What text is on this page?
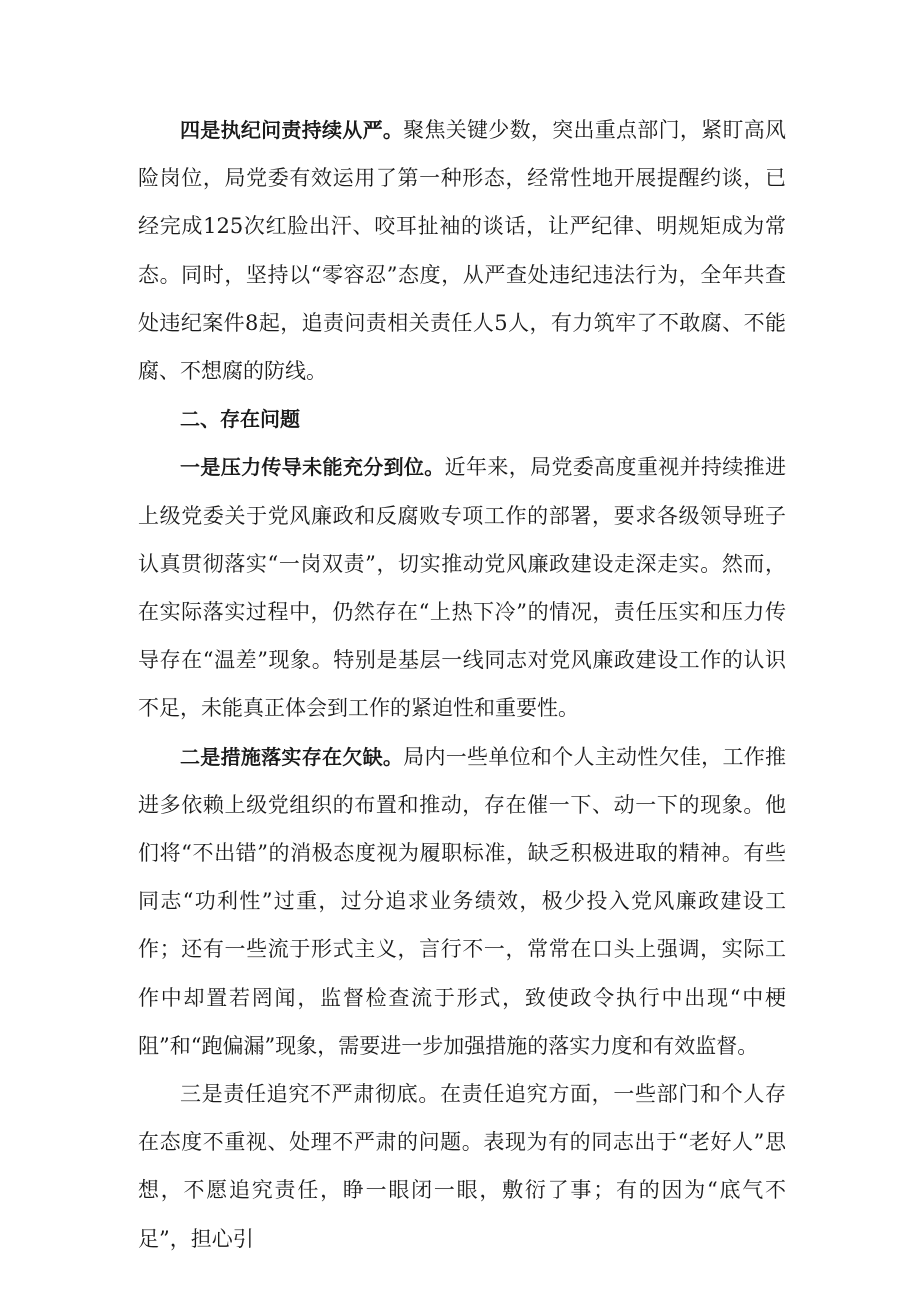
四是执纪问责持续从严。聚焦关键少数，突出重点部门，紧盯高风险岗位，局党委有效运用了第一种形态，经常性地开展提醒约谈，已经完成125次红脸出汗、咬耳扯袖的谈话，让严纪律、明规矩成为常态。同时，坚持以“零容忍”态度，从严查处违纪违法行为，全年共查处违纪案件8起，追责问责相关责任人5人，有力筑牢了不敢腐、不能腐、不想腐的防线。

二、存在问题

一是压力传导未能充分到位。近年来，局党委高度重视并持续推进上级党委关于党风廉政和反腐败专项工作的部署，要求各级领导班子认真贯彻落实“一岗双责”，切实推动党风廉政建设走深走实。然而，在实际落实过程中，仍然存在“上热下冷”的情况，责任压实和压力传导存在“温差”现象。特别是基层一线同志对党风廉政建设工作的认识不足，未能真正体会到工作的紧迫性和重要性。

二是措施落实存在欠缺。局内一些单位和个人主动性欠佳，工作推进多依赖上级党组织的布置和推动，存在催一下、动一下的现象。他们将“不出错”的消极态度视为履职标准，缺乏积极进取的精神。有些同志“功利性”过重，过分追求业务绩效，极少投入党风廉政建设工作；还有一些流于形式主义，言行不一，常常在口头上强调，实际工作中却置若罔闻，监督检查流于形式，致使政令执行中出现“中梗阻”和“跑偏漏”现象，需要进一步加强措施的落实力度和有效监督。

三是责任追究不严肃彻底。在责任追究方面，一些部门和个人存在态度不重视、处理不严肃的问题。表现为有的同志出于“老好人”思想，不愿追究责任，睁一眼闭一眼，敷衍了事；有的因为“底气不足”，担心引
